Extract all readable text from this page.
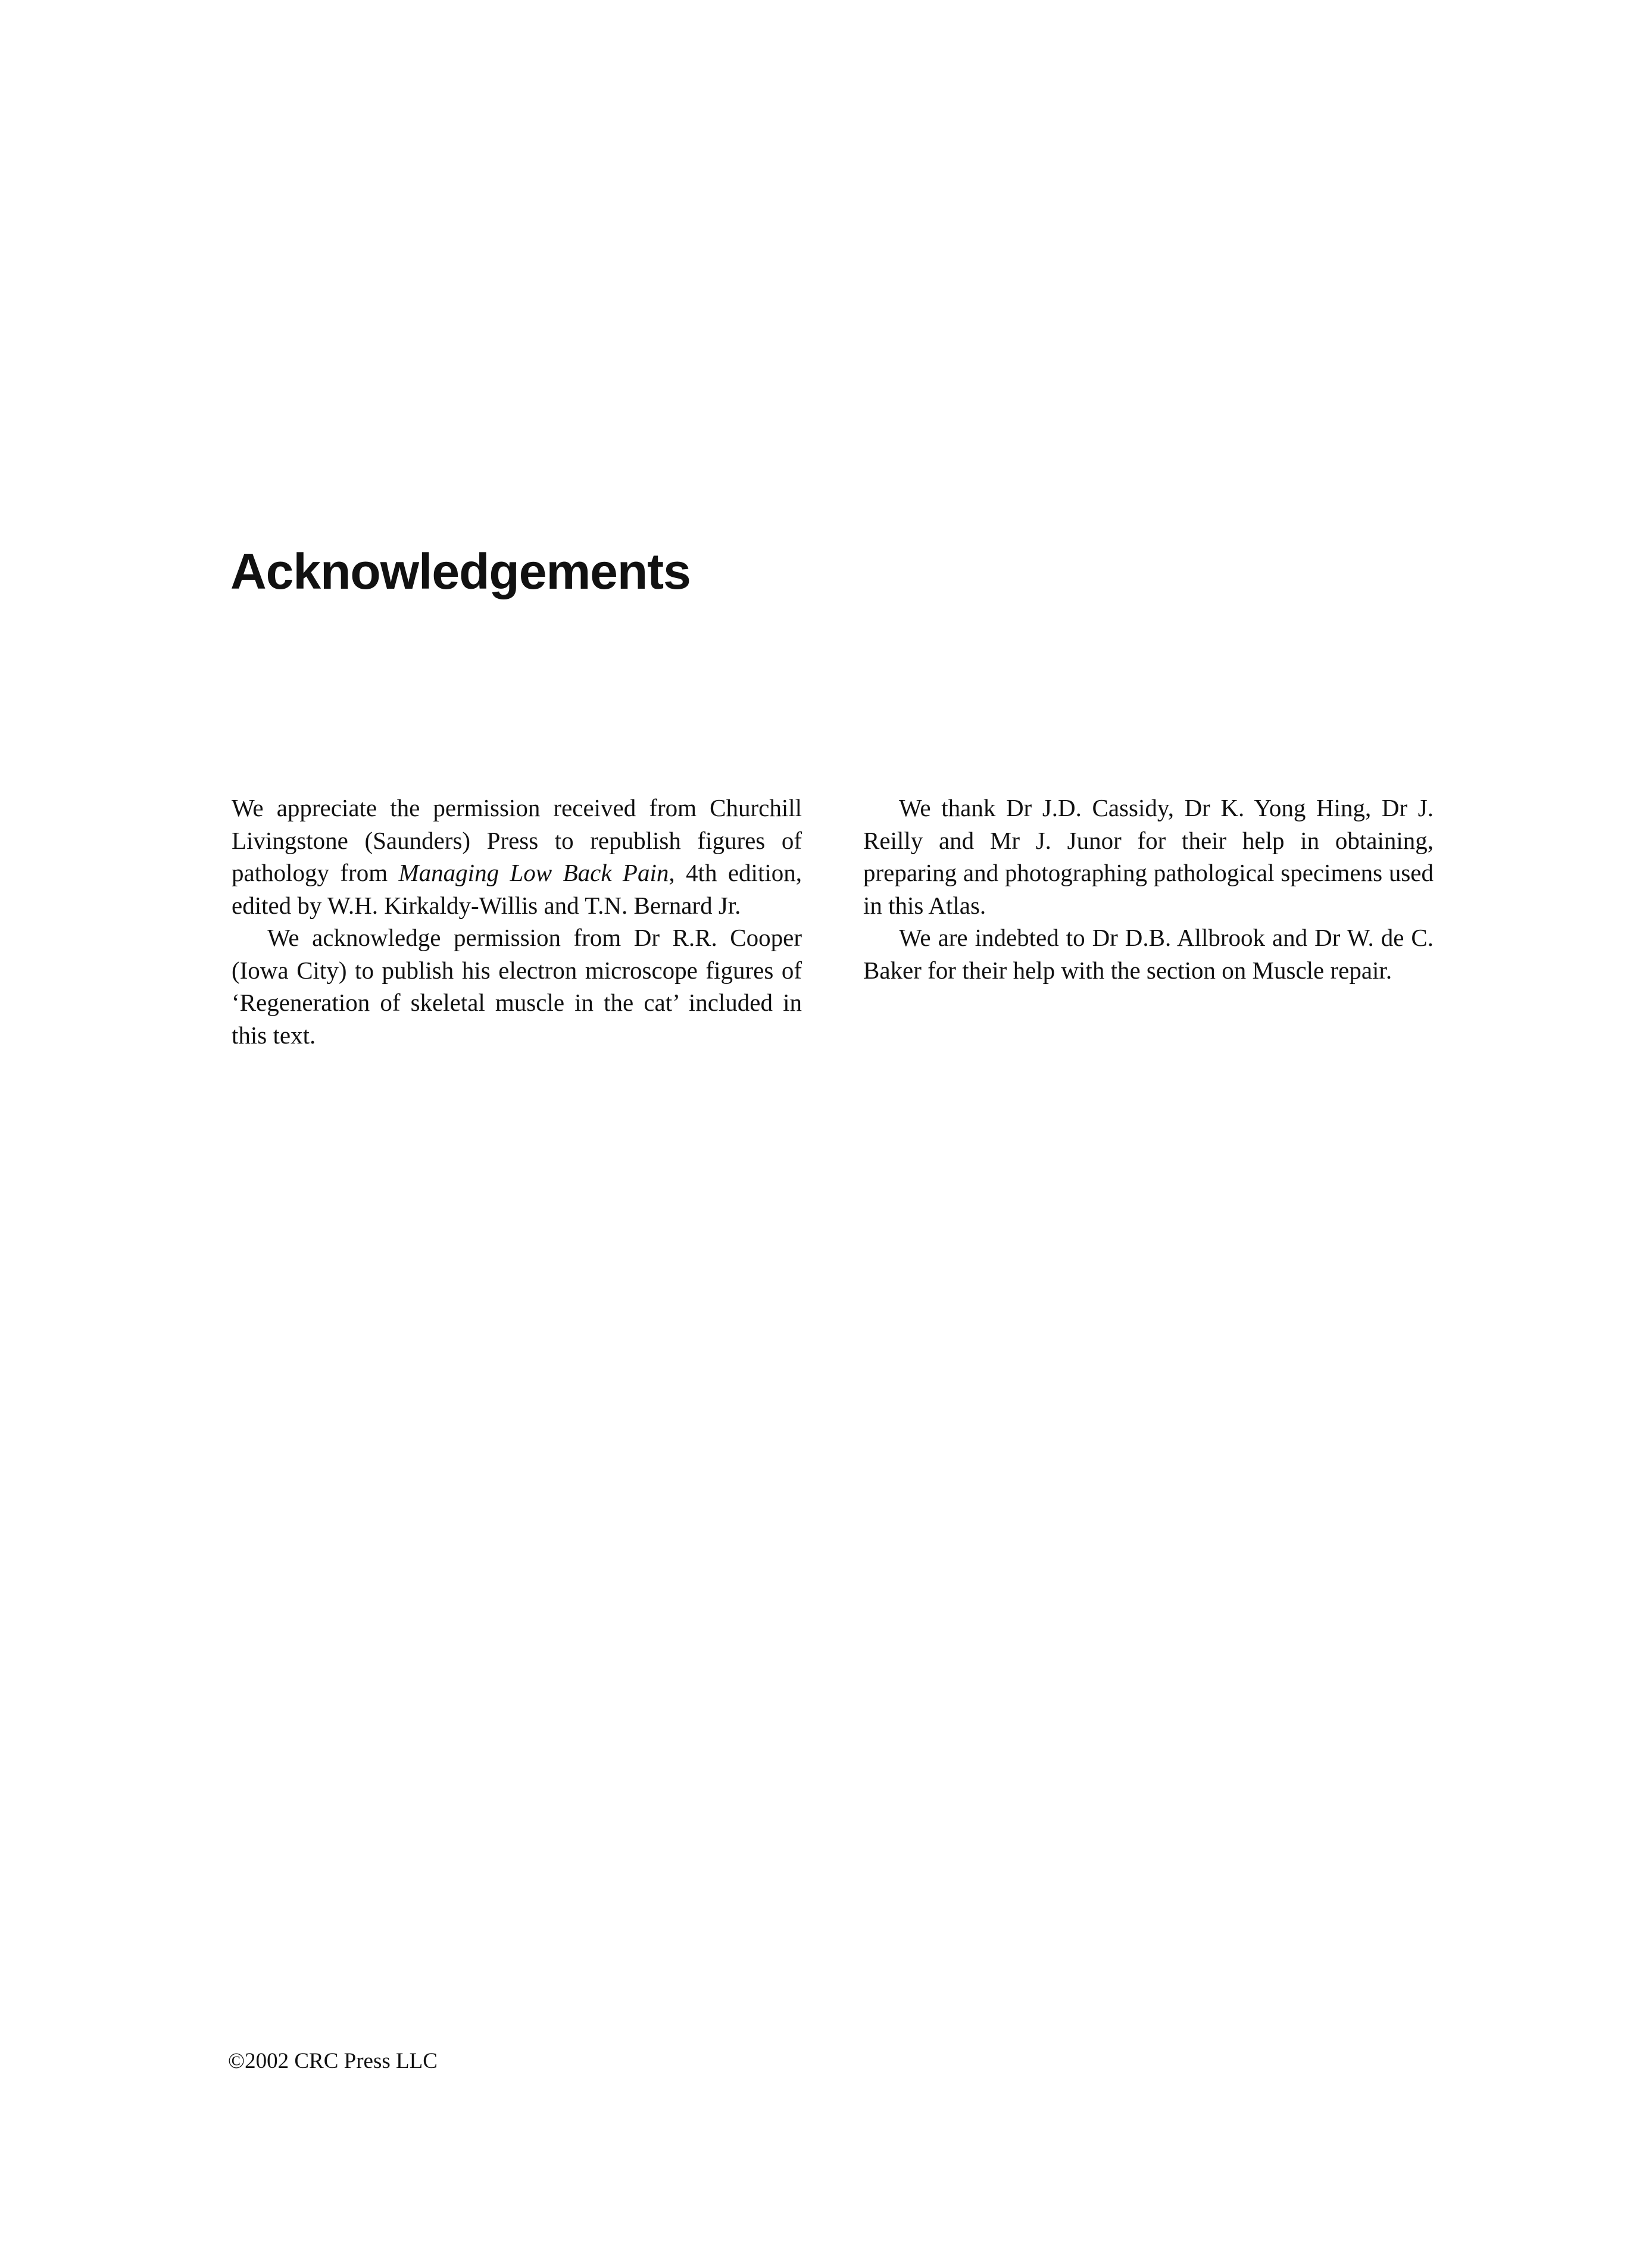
Acknowledgements

We appreciate the permission received from Churchill Livingstone (Saunders) Press to republish figures of pathology from Managing Low Back Pain, 4th edition, edited by W.H. Kirkaldy-Willis and T.N. Bernard Jr.

We acknowledge permission from Dr R.R. Cooper (Iowa City) to publish his electron microscope figures of ‘Regeneration of skeletal muscle in the cat’ included in this text.

We thank Dr J.D. Cassidy, Dr K. Yong Hing, Dr J. Reilly and Mr J. Junor for their help in obtaining, preparing and photographing pathological specimens used in this Atlas.

We are indebted to Dr D.B. Allbrook and Dr W. de C. Baker for their help with the section on Muscle repair.

©2002 CRC Press LLC
